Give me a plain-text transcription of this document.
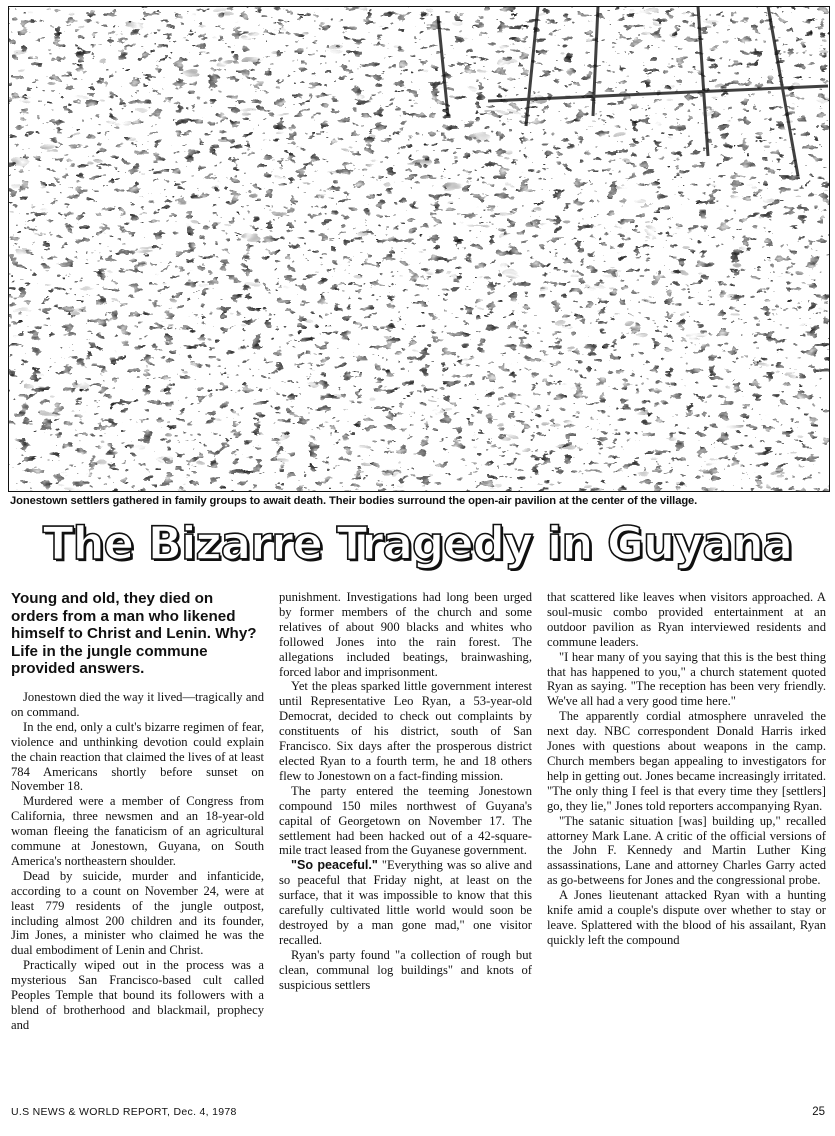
Jonestown settlers gathered in family groups to await death. Their bodies surround the open-air pavilion at the center of the village.
The Bizarre Tragedy in Guyana
Young and old, they died on orders from a man who likened himself to Christ and Lenin. Why? Life in the jungle commune provided answers.

Jonestown died the way it lived—tragically and on command.

In the end, only a cult's bizarre regimen of fear, violence and unthinking devotion could explain the chain reaction that claimed the lives of at least 784 Americans shortly before sunset on November 18.

Murdered were a member of Congress from California, three newsmen and an 18-year-old woman fleeing the fanaticism of an agricultural commune at Jonestown, Guyana, on South America's northeastern shoulder.

Dead by suicide, murder and infanticide, according to a count on November 24, were at least 779 residents of the jungle outpost, including almost 200 children and its founder, Jim Jones, a minister who claimed he was the dual embodiment of Lenin and Christ.

Practically wiped out in the process was a mysterious San Francisco-based cult called Peoples Temple that bound its followers with a blend of brotherhood and blackmail, prophecy and

punishment. Investigations had long been urged by former members of the church and some relatives of about 900 blacks and whites who followed Jones into the rain forest. The allegations included beatings, brainwashing, forced labor and imprisonment.

Yet the pleas sparked little government interest until Representative Leo Ryan, a 53-year-old Democrat, decided to check out complaints by constituents of his district, south of San Francisco. Six days after the prosperous district elected Ryan to a fourth term, he and 18 others flew to Jonestown on a fact-finding mission.

The party entered the teeming Jonestown compound 150 miles northwest of Guyana's capital of Georgetown on November 17. The settlement had been hacked out of a 42-square-mile tract leased from the Guyanese government.

"So peaceful." "Everything was so alive and so peaceful that Friday night, at least on the surface, that it was impossible to know that this carefully cultivated little world would soon be destroyed by a man gone mad," one visitor recalled.

Ryan's party found "a collection of rough but clean, communal log buildings" and knots of suspicious settlers

that scattered like leaves when visitors approached. A soul-music combo provided entertainment at an outdoor pavilion as Ryan interviewed residents and commune leaders.

"I hear many of you saying that this is the best thing that has happened to you," a church statement quoted Ryan as saying. "The reception has been very friendly. We've all had a very good time here."

The apparently cordial atmosphere unraveled the next day. NBC correspondent Donald Harris irked Jones with questions about weapons in the camp. Church members began appealing to investigators for help in getting out. Jones became increasingly irritated. "The only thing I feel is that every time they [settlers] go, they lie," Jones told reporters accompanying Ryan.

"The satanic situation [was] building up," recalled attorney Mark Lane. A critic of the official versions of the John F. Kennedy and Martin Luther King assassinations, Lane and attorney Charles Garry acted as go-betweens for Jones and the congressional probe.

A Jones lieutenant attacked Ryan with a hunting knife amid a couple's dispute over whether to stay or leave. Splattered with the blood of his assailant, Ryan quickly left the compound

U.S NEWS & WORLD REPORT, Dec. 4, 1978	25
